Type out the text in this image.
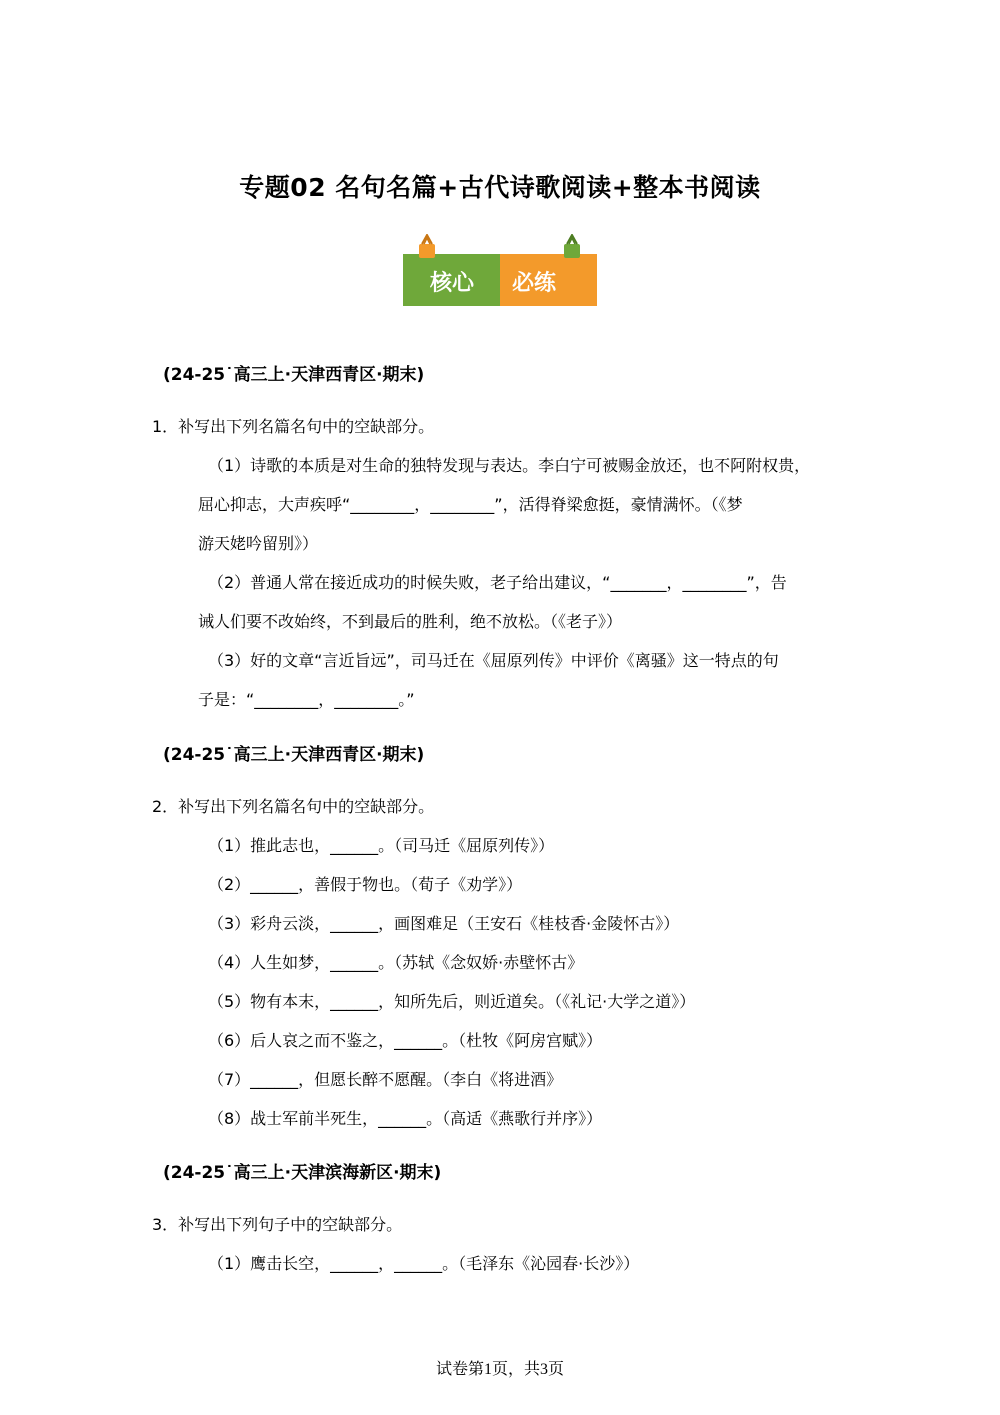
专题02 名句名篇+古代诗歌阅读+整本书阅读
核心 必练
(24-25˙高三上·天津西青区·期末)
1．补写出下列名篇名句中的空缺部分。
（1）诗歌的本质是对生命的独特发现与表达。李白宁可被赐金放还，也不阿附权贵，
屈心抑志，大声疾呼“________，________”，活得脊梁愈挺，豪情满怀。（《梦
游天姥吟留别》）
（2）普通人常在接近成功的时候失败，老子给出建议，“_______，________”，告
诫人们要不改始终，不到最后的胜利，绝不放松。（《老子》）
（3）好的文章“言近旨远”，司马迁在《屈原列传》中评价《离骚》这一特点的句
子是：“________，________。”
(24-25˙高三上·天津西青区·期末)
2．补写出下列名篇名句中的空缺部分。
（1）推此志也，______。（司马迁《屈原列传》）
（2）______，善假于物也。（荀子《劝学》）
（3）彩舟云淡，______，画图难足（王安石《桂枝香·金陵怀古》）
（4）人生如梦，______。（苏轼《念奴娇·赤壁怀古》
（5）物有本末，______，知所先后，则近道矣。（《礼记·大学之道》）
（6）后人哀之而不鉴之，______。（杜牧《阿房宫赋》）
（7）______，但愿长醉不愿醒。（李白《将进酒》
（8）战士军前半死生，______。（高适《燕歌行并序》）
(24-25˙高三上·天津滨海新区·期末)
3．补写出下列句子中的空缺部分。
（1）鹰击长空，______，______。（毛泽东《沁园春·长沙》）
试卷第1页，共3页
